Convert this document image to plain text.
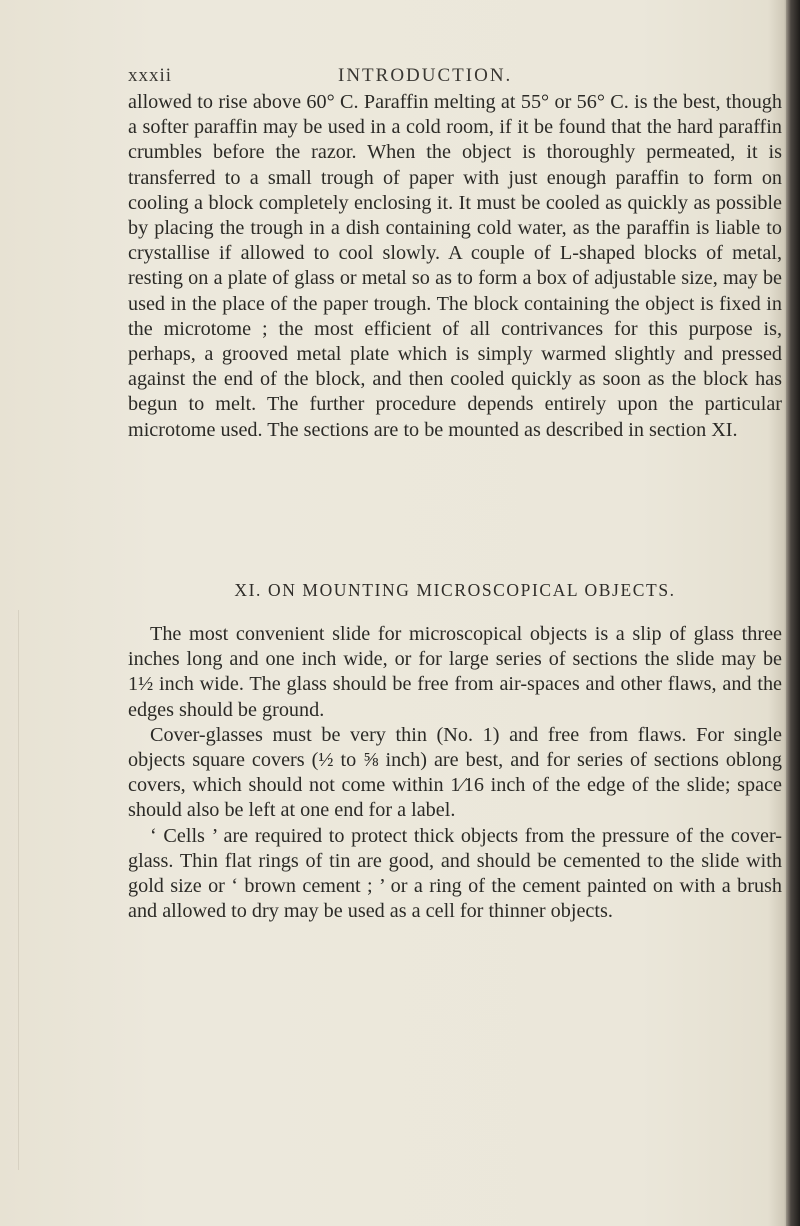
xxxii	INTRODUCTION.

allowed to rise above 60° C. Paraffin melting at 55° or 56° C. is the best, though a softer paraffin may be used in a cold room, if it be found that the hard paraffin crumbles before the razor. When the object is thoroughly permeated, it is transferred to a small trough of paper with just enough paraffin to form on cooling a block completely enclosing it. It must be cooled as quickly as possible by placing the trough in a dish containing cold water, as the paraffin is liable to crystallise if allowed to cool slowly. A couple of L-shaped blocks of metal, resting on a plate of glass or metal so as to form a box of adjustable size, may be used in the place of the paper trough. The block containing the object is fixed in the microtome ; the most efficient of all contrivances for this purpose is, perhaps, a grooved metal plate which is simply warmed slightly and pressed against the end of the block, and then cooled quickly as soon as the block has begun to melt. The further procedure depends entirely upon the particular microtome used. The sections are to be mounted as described in section XI.

XI. ON MOUNTING MICROSCOPICAL OBJECTS.

The most convenient slide for microscopical objects is a slip of glass three inches long and one inch wide, or for large series of sections the slide may be 1½ inch wide. The glass should be free from air-spaces and other flaws, and the edges should be ground.

Cover-glasses must be very thin (No. 1) and free from flaws. For single objects square covers (½ to ⅝ inch) are best, and for series of sections oblong covers, which should not come within 1⁄16 inch of the edge of the slide; space should also be left at one end for a label.

‘ Cells ’ are required to protect thick objects from the pressure of the cover-glass. Thin flat rings of tin are good, and should be cemented to the slide with gold size or ‘ brown cement ; ’ or a ring of the cement painted on with a brush and allowed to dry may be used as a cell for thinner objects.
